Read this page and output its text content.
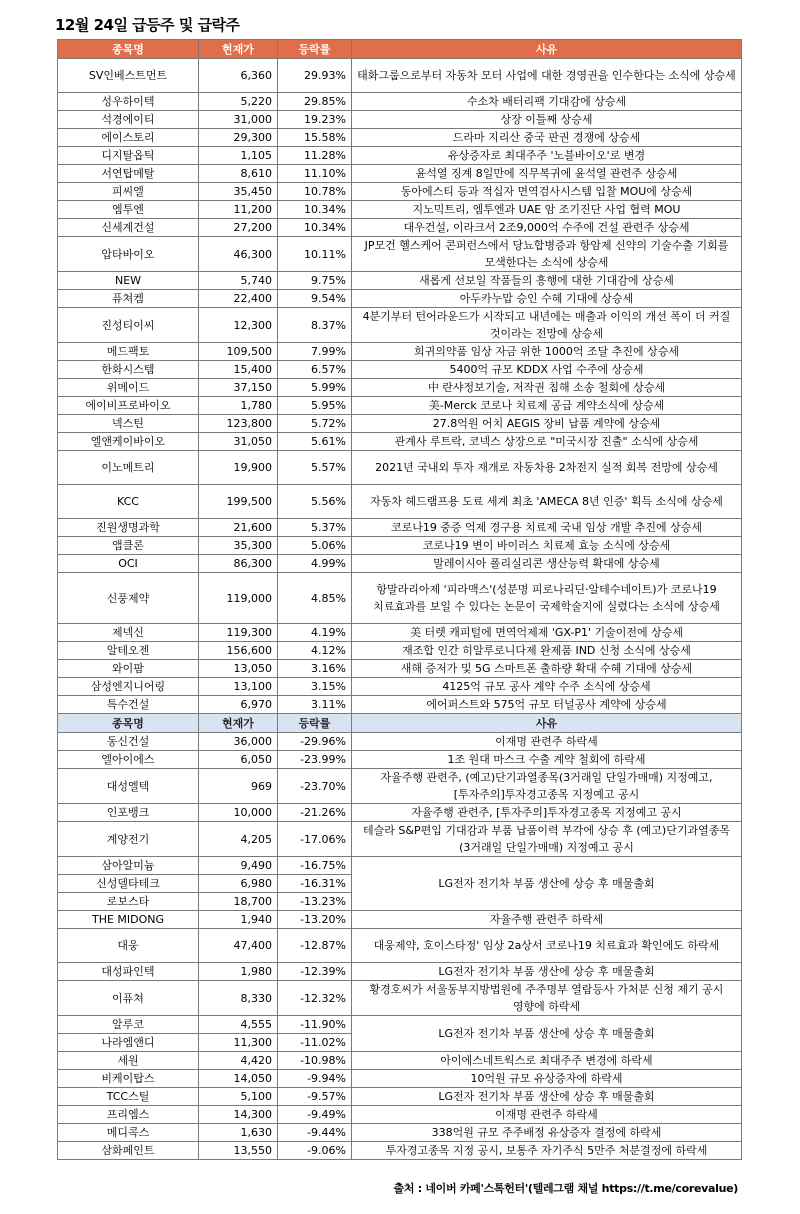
12월 24일 급등주 및 급락주
종목명	현재가	등락률	사유
SV인베스트먼트	6,360	29.93%	태화그룹으로부터 자동차 모터 사업에 대한 경영권을 인수한다는 소식에 상승세
성우하이텍	5,220	29.85%	수소차 배터리팩 기대감에 상승세
석경에이티	31,000	19.23%	상장 이틀째 상승세
에이스토리	29,300	15.58%	드라마 지리산 중국 판권 경쟁에 상승세
디지탈옵틱	1,105	11.28%	유상증자로 최대주주 '노블바이오'로 변경
서연탑메탈	8,610	11.10%	윤석열 징계 8일만에 직무복귀에 윤석열 관련주 상승세
피씨엘	35,450	10.78%	동아에스티 등과 적십자 면역검사시스템 입찰 MOU에 상승세
엠투엔	11,200	10.34%	지노믹트리, 엠투엔과 UAE 암 조기진단 사업 협력 MOU
신세계건설	27,200	10.34%	대우건설, 이라크서 2조9,000억 수주에 건설 관련주 상승세
압타바이오	46,300	10.11%	JP모건 헬스케어 콘퍼런스에서 당뇨합병증과 항암제 신약의 기술수출 기회를 모색한다는 소식에 상승세
NEW	5,740	9.75%	새롭게 선보일 작품들의 흥행에 대한 기대감에 상승세
퓨쳐켐	22,400	9.54%	아두카누맙 승인 수혜 기대에 상승세
진성티이씨	12,300	8.37%	4분기부터 턴어라운드가 시작되고 내년에는 매출과 이익의 개선 폭이 더 커질 것이라는 전망에 상승세
메드팩토	109,500	7.99%	희귀의약품 임상 자금 위한 1000억 조달 추진에 상승세
한화시스템	15,400	6.57%	5400억 규모 KDDX 사업 수주에 상승세
위메이드	37,150	5.99%	中 란샤정보기술, 저작권 침해 소송 철회에 상승세
에이비프로바이오	1,780	5.95%	美-Merck 코로나 치료제 공급 계약소식에 상승세
넥스틴	123,800	5.72%	27.8억원 어치 AEGIS 장비 납품 계약에 상승세
엘앤케이바이오	31,050	5.61%	관계사 루트락, 코넥스 상장으로 "미국시장 진출" 소식에 상승세
이노메트리	19,900	5.57%	2021년 국내외 투자 재개로 자동차용 2차전지 실적 회복 전망에 상승세
KCC	199,500	5.56%	자동차 헤드램프용 도료 세계 최초 'AMECA 8년 인증' 획득 소식에 상승세
진원생명과학	21,600	5.37%	코로나19 중증 억제 경구용 치료제 국내 임상 개발 추진에 상승세
앱클론	35,300	5.06%	코로나19 변이 바이러스 치료제 효능 소식에 상승세
OCI	86,300	4.99%	말레이시아 폴리실리콘 생산능력 확대에 상승세
신풍제약	119,000	4.85%	항말라리아제 '피라맥스'(성분명 피로나리딘·알테수네이트)가 코로나19 치료효과를 보일 수 있다는 논문이 국제학술지에 실렸다는 소식에 상승세
제넥신	119,300	4.19%	美 터렛 캐피털에 면역억제제 'GX-P1' 기술이전에 상승세
알테오젠	156,600	4.12%	재조합 인간 히알루로니다제 완제품 IND 신청 소식에 상승세
와이팜	13,050	3.16%	새해 증저가 및 5G 스마트폰 출하량 확대 수혜 기대에 상승세
삼성엔지니어링	13,100	3.15%	4125억 규모 공사 계약 수주 소식에 상승세
특수건설	6,970	3.11%	에어퍼스트와 575억 규모 터널공사 계약에 상승세
종목명	현재가	등락률	사유
동신건설	36,000	-29.96%	이재명 관련주 하락세
엘아이에스	6,050	-23.99%	1조 원대 마스크 수출 계약 철회에 하락세
대성엘텍	969	-23.70%	자율주행 관련주, (예고)단기과열종목(3거래일 단일가매매) 지정예고, [투자주의]투자경고종목 지정예고 공시
인포뱅크	10,000	-21.26%	자율주행 관련주, [투자주의]투자경고종목 지정예고 공시
계양전기	4,205	-17.06%	테슬라 S&P편입 기대감과 부품 납품이력 부각에 상승 후 (예고)단기과열종목(3거래일 단일가매매) 지정예고 공시
삼아알미늄	9,490	-16.75%	LG전자 전기차 부품 생산에 상승 후 매물출회
신성델타테크	6,980	-16.31%	
로보스타	18,700	-13.23%	
THE MIDONG	1,940	-13.20%	자율주행 관련주 하락세
대웅	47,400	-12.87%	대웅제약, 호이스타정' 임상 2a상서 코로나19 치료효과 확인에도 하락세
대성파인텍	1,980	-12.39%	LG전자 전기차 부품 생산에 상승 후 매물출회
이퓨쳐	8,330	-12.32%	황경호씨가 서울동부지방법원에 주주명부 열람등사 가처분 신청 제기 공시 영향에 하락세
알루코	4,555	-11.90%	LG전자 전기차 부품 생산에 상승 후 매물출회
나라엠앤디	11,300	-11.02%	
세원	4,420	-10.98%	아이에스네트웍스로 최대주주 변경에 하락세
비케이탑스	14,050	-9.94%	10억원 규모 유상증자에 하락세
TCC스틸	5,100	-9.57%	LG전자 전기차 부품 생산에 상승 후 매물출회
프리엠스	14,300	-9.49%	이재명 관련주 하락세
메디콕스	1,630	-9.44%	338억원 규모 주주배정 유상증자 결정에 하락세
삼화페인트	13,550	-9.06%	투자경고종목 지정 공시, 보통주 자기주식 5만주 처분결정에 하락세
출처 : 네이버 카페'스톡헌터'(텔레그램 채널 https://t.me/corevalue)
